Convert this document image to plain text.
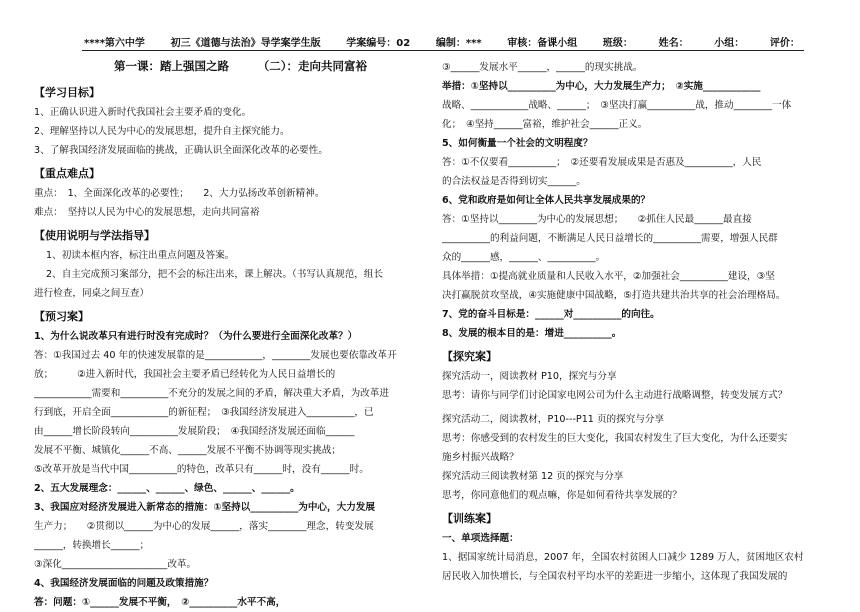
****第六中学	初三《道德与法治》导学案学生版	学案编号：02	编制：***	审核：备课小组	班级：	姓名：	小组：	评价：
第一课：踏上强国之路　　　（二）：走向共同富裕
【学习目标】
1、正确认识进入新时代我国社会主要矛盾的变化。
2、理解坚持以人民为中心的发展思想，提升自主探究能力。
3、了解我国经济发展面临的挑战，正确认识全面深化改革的必要性。
【重点难点】
重点：　1、全面深化改革的必要性；　　2、大力弘扬改革创新精神。
难点：　坚持以人民为中心的发展思想，走向共同富裕
【使用说明与学法指导】
1、初读本框内容，标注出重点问题及答案。
2、自主完成预习案部分，把不会的标注出来，课上解决。（书写认真规范，组长
进行检查，同桌之间互查）
【预习案】
1、为什么说改革只有进行时没有完成时？（为什么要进行全面深化改革？）
答：①我国过去 40 年的快速发展靠的是____________，________发展也要依靠改革开
放；　　　②进入新时代，我国社会主要矛盾已经转化为人民日益增长的
____________需要和__________不充分的发展之间的矛盾，解决重大矛盾，为改革进
行到底，开启全面____________的新征程；　③我国经济发展进入__________，已
由______增长阶段转向__________发展阶段；　④我国经济发展还面临______
发展不平衡、城镇化______不高、______发展不平衡不协调等现实挑战；
⑤改革开放是当代中国__________的特色，改革只有______时，没有______时。
2、五大发展理念：______、______、绿色、______、______。
3、我国应对经济发展进入新常态的措施：①坚持以__________为中心，大力发展
生产力；　　②贯彻以______为中心的发展______，落实________理念，转变发展
______，转换增长______；
③深化______________________改革。
4、我国经济发展面临的问题及政策措施？
答：问题：①______发展不平衡，　②__________水平不高，
③______发展水平______，______的现实挑战。
举措：①坚持以__________为中心，大力发展生产力；　②实施____________
战略、____________战略、______；　③坚决打赢__________战，推动________一体
化；　④坚持______富裕，维护社会______正义。
5、如何衡量一个社会的文明程度？
答：①不仅要看__________；　②还要看发展成果是否惠及__________，人民
的合法权益是否得到切实______。
6、党和政府是如何让全体人民共享发展成果的？
答：①坚持以________为中心的发展思想；　　②抓住人民最______最直接
__________的利益问题，不断满足人民日益增长的__________需要，增强人民群
众的______感，______、__________。
具体举措：①提高就业质量和人民收入水平，②加强社会__________建设，③坚
决打赢脱贫攻坚战，④实施健康中国战略，⑤打造共建共治共享的社会治理格局。
7、党的奋斗目标是：______对__________的向往。
8、发展的根本目的是：增进__________。
【探究案】
探究活动一，阅读教材 P10，探究与分享
思考：请你与同学们讨论国家电网公司为什么主动进行战略调整，转变发展方式？
探究活动二，阅读教材，P10---P11 页的探究与分享
思考：你感受到的农村发生的巨大变化，我国农村发生了巨大变化，为什么还要实
施乡村振兴战略？
探究活动三阅读教材第 12 页的探究与分享
思考，你同意他们的观点嘛，你是如何看待共享发展的？
【训练案】
一、单项选择题：
1、据国家统计局消息，2007 年，全国农村贫困人口减少 1289 万人，贫困地区农村
居民收入加快增长，与全国农村平均水平的差距进一步缩小，这体现了我国发展的
